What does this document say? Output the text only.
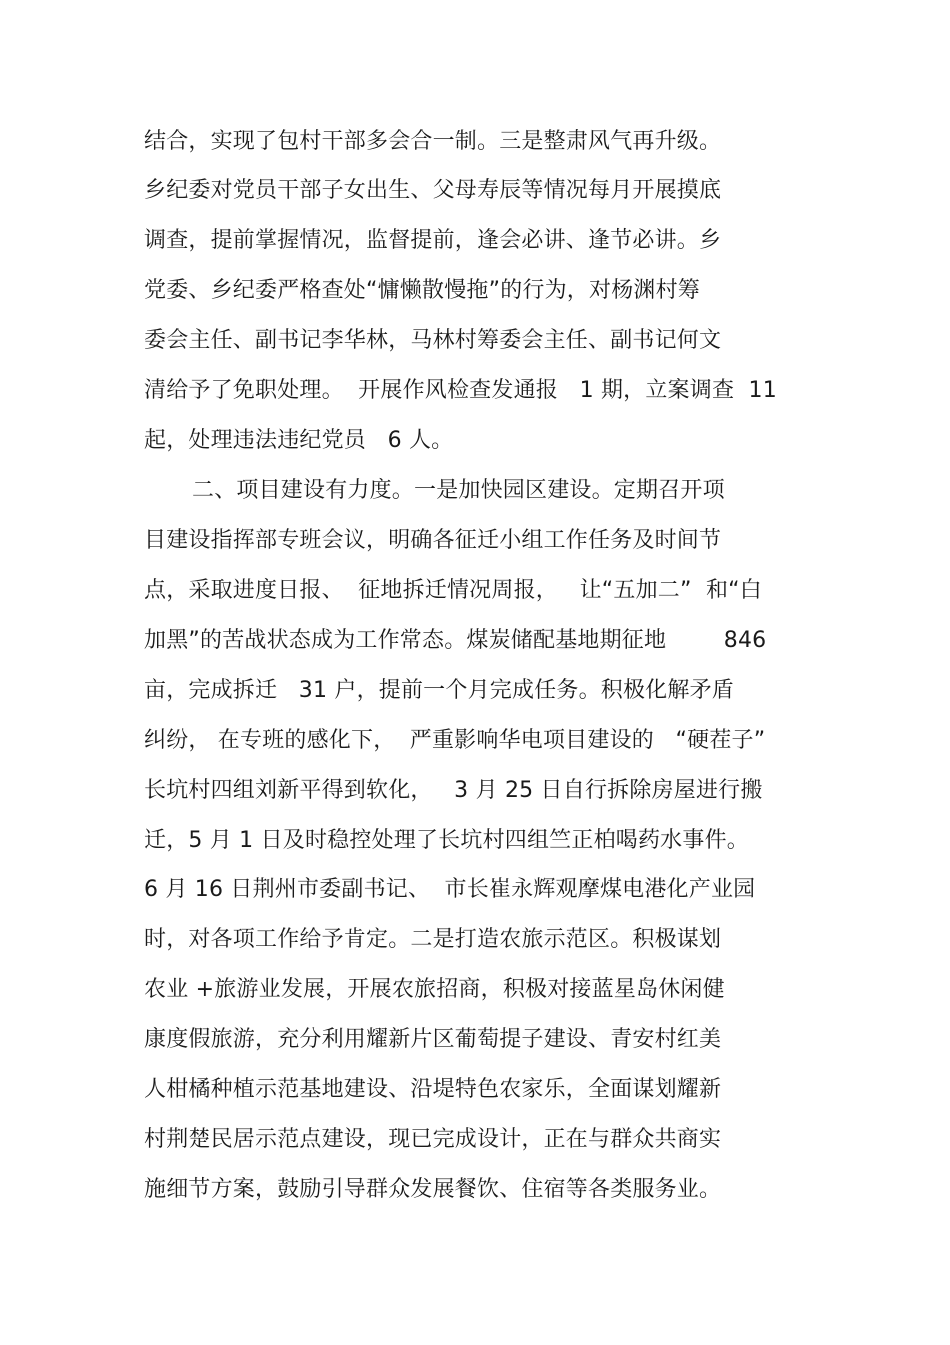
结合，实现了包村干部多会合一制。三是整肃风气再升级。
乡纪委对党员干部子女出生、父母寿辰等情况每月开展摸底
调查，提前掌握情况，监督提前，逢会必讲、逢节必讲。乡
党委、乡纪委严格查处“慵懒散慢拖”的行为，对杨渊村筹
委会主任、副书记李华林，马林村筹委会主任、副书记何文
清给予了免职处理。  开展作风检查发通报   1 期，立案调查  11
起，处理违法违纪党员   6 人。
二、项目建设有力度。一是加快园区建设。定期召开项
目建设指挥部专班会议，明确各征迁小组工作任务及时间节
点，采取进度日报、  征地拆迁情况周报，   让“五加二”  和“白
加黑”的苦战状态成为工作常态。煤炭储配基地期征地        846
亩，完成拆迁   31 户，提前一个月完成任务。积极化解矛盾
纠纷， 在专班的感化下，  严重影响华电项目建设的   “硬茬子”
长坑村四组刘新平得到软化，   3 月 25 日自行拆除房屋进行搬
迁，5 月 1 日及时稳控处理了长坑村四组竺正柏喝药水事件。
6 月 16 日荆州市委副书记、  市长崔永辉观摩煤电港化产业园
时，对各项工作给予肯定。二是打造农旅示范区。积极谋划
农业 +旅游业发展，开展农旅招商，积极对接蓝星岛休闲健
康度假旅游，充分利用耀新片区葡萄提子建设、青安村红美
人柑橘种植示范基地建设、沿堤特色农家乐，全面谋划耀新
村荆楚民居示范点建设，现已完成设计，正在与群众共商实
施细节方案，鼓励引导群众发展餐饮、住宿等各类服务业。
